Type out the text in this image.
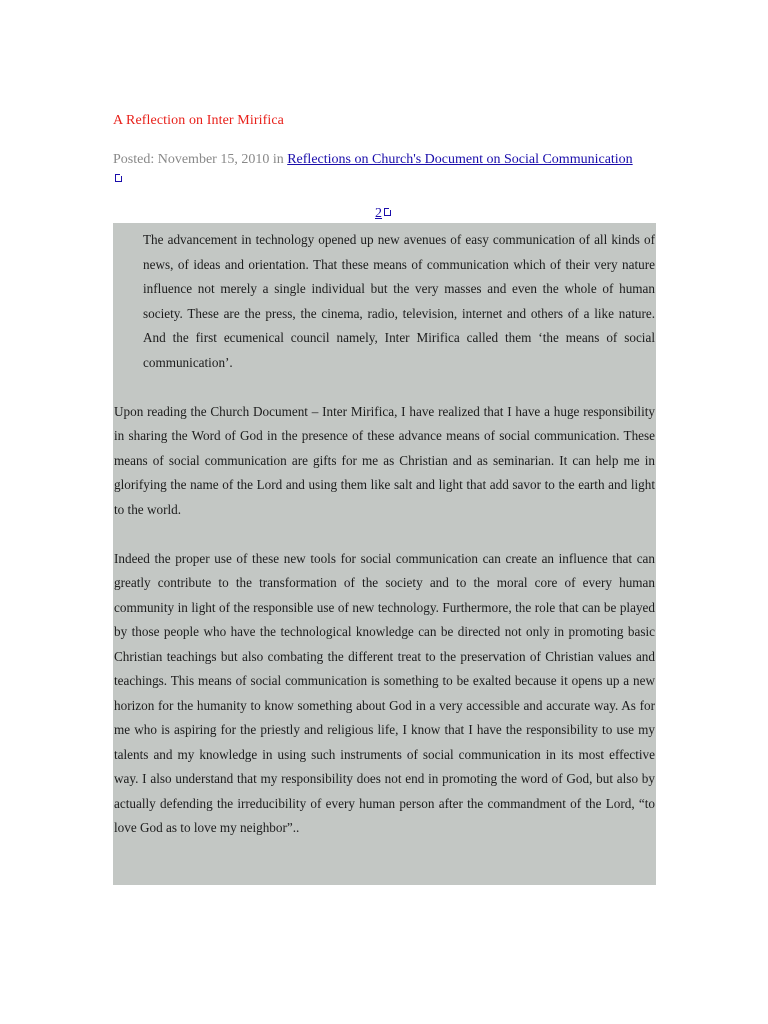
A Reflection on Inter Mirifica
Posted: November 15, 2010 in Reflections on Church's Document on Social Communication
2

The advancement in technology opened up new avenues of easy communication of all kinds of news, of ideas and orientation. That these means of communication which of their very nature influence not merely a single individual but the very masses and even the whole of human society. These are the press, the cinema, radio, television, internet and others of a like nature. And the first ecumenical council namely, Inter Mirifica called them ‘the means of social communication’.

Upon reading the Church Document – Inter Mirifica, I have realized that I have a huge responsibility in sharing the Word of God in the presence of these advance means of social communication. These means of social communication are gifts for me as Christian and as seminarian. It can help me in glorifying the name of the Lord and using them like salt and light that add savor to the earth and light to the world.

Indeed the proper use of these new tools for social communication can create an influence that can greatly contribute to the transformation of the society and to the moral core of every human community in light of the responsible use of new technology. Furthermore, the role that can be played by those people who have the technological knowledge can be directed not only in promoting basic Christian teachings but also combating the different treat to the preservation of Christian values and teachings. This means of social communication is something to be exalted because it opens up a new horizon for the humanity to know something about God in a very accessible and accurate way. As for me who is aspiring for the priestly and religious life, I know that I have the responsibility to use my talents and my knowledge in using such instruments of social communication in its most effective way. I also understand that my responsibility does not end in promoting the word of God, but also by actually defending the irreducibility of every human person after the commandment of the Lord, “to love God as to love my neighbor”..
